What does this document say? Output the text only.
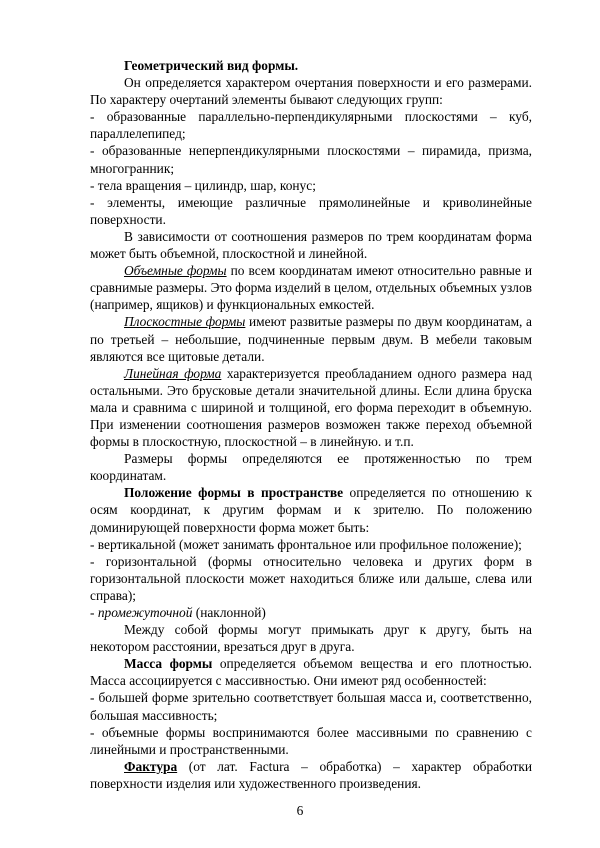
Геометрический вид формы.

Он определяется характером очертания поверхности и его размерами. По характеру очертаний элементы бывают следующих групп:

- образованные параллельно-перпендикулярными плоскостями – куб, параллелепипед;

- образованные неперпендикулярными плоскостями – пирамида, призма, многогранник;

- тела вращения – цилиндр, шар, конус;

- элементы, имеющие различные прямолинейные и криволинейные поверхности.

В зависимости от соотношения размеров по трем координатам форма может быть объемной, плоскостной и линейной.

Объемные формы по всем координатам имеют относительно равные и сравнимые размеры. Это форма изделий в целом, отдельных объемных узлов (например, ящиков) и функциональных емкостей.

Плоскостные формы имеют развитые размеры по двум координатам, а по третьей – небольшие, подчиненные первым двум. В мебели таковым являются все щитовые детали.

Линейная форма характеризуется преобладанием одного размера над остальными. Это брусковые детали значительной длины. Если длина бруска мала и сравнима с шириной и толщиной, его форма переходит в объемную. При изменении соотношения размеров возможен также переход объемной формы в плоскостную, плоскостной – в линейную. и т.п.

Размеры формы определяются ее протяженностью по трем координатам.

Положение формы в пространстве определяется по отношению к осям координат, к другим формам и к зрителю. По положению доминирующей поверхности форма может быть:

- вертикальной (может занимать фронтальное или профильное положение);

- горизонтальной (формы относительно человека и других форм в горизонтальной плоскости может находиться ближе или дальше, слева или справа);

- промежуточной (наклонной)

Между собой формы могут примыкать друг к другу, быть на некотором расстоянии, врезаться друг в друга.

Масса формы определяется объемом вещества и его плотностью. Масса ассоциируется с массивностью. Они имеют ряд особенностей:

- большей форме зрительно соответствует большая масса и, соответственно, большая массивность;

- объемные формы воспринимаются более массивными по сравнению с линейными и пространственными.

Фактура (от лат. Factura – обработка) – характер обработки поверхности изделия или художественного произведения.

6
